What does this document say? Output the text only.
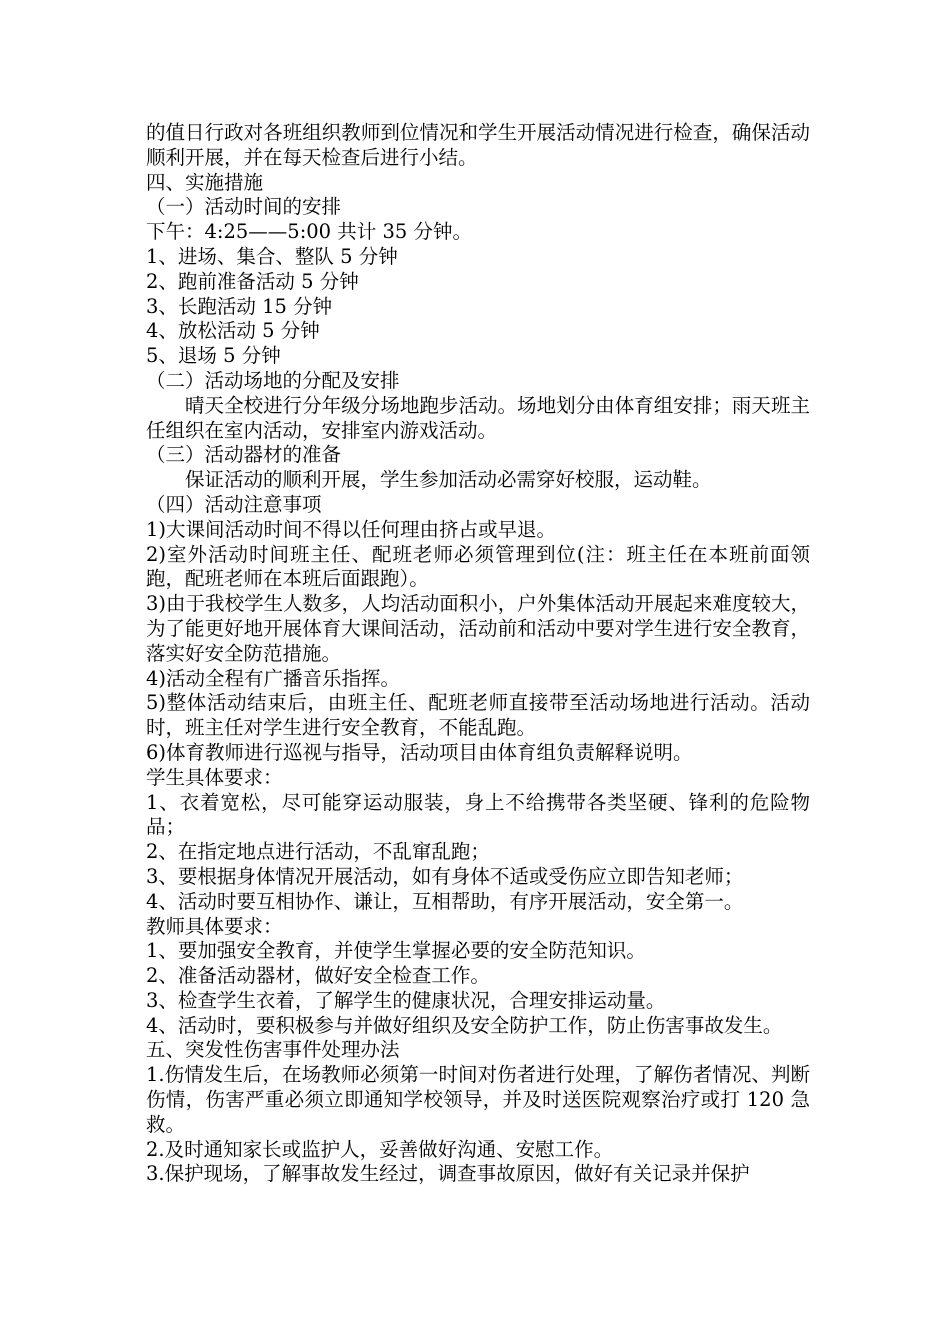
的值日行政对各班组织教师到位情况和学生开展活动情况进行检查，确保活动顺利开展，并在每天检查后进行小结。

四、实施措施

（一）活动时间的安排

下午：4:25——5:00 共计 35 分钟。

1、进场、集合、整队 5 分钟

2、跑前准备活动 5 分钟

3、长跑活动 15 分钟

4、放松活动 5 分钟

5、退场 5 分钟

（二）活动场地的分配及安排

晴天全校进行分年级分场地跑步活动。场地划分由体育组安排；雨天班主任组织在室内活动，安排室内游戏活动。

（三）活动器材的准备

保证活动的顺利开展，学生参加活动必需穿好校服，运动鞋。

（四）活动注意事项

1)大课间活动时间不得以任何理由挤占或早退。

2)室外活动时间班主任、配班老师必须管理到位(注：班主任在本班前面领跑，配班老师在本班后面跟跑）。

3)由于我校学生人数多，人均活动面积小，户外集体活动开展起来难度较大，为了能更好地开展体育大课间活动，活动前和活动中要对学生进行安全教育，落实好安全防范措施。

4)活动全程有广播音乐指挥。

5)整体活动结束后，由班主任、配班老师直接带至活动场地进行活动。活动时，班主任对学生进行安全教育，不能乱跑。

6)体育教师进行巡视与指导，活动项目由体育组负责解释说明。

学生具体要求：

1、衣着宽松，尽可能穿运动服装，身上不给携带各类坚硬、锋利的危险物品；

2、在指定地点进行活动，不乱窜乱跑；

3、要根据身体情况开展活动，如有身体不适或受伤应立即告知老师；

4、活动时要互相协作、谦让，互相帮助，有序开展活动，安全第一。

教师具体要求：

1、要加强安全教育，并使学生掌握必要的安全防范知识。

2、准备活动器材，做好安全检查工作。

3、检查学生衣着，了解学生的健康状况，合理安排运动量。

4、活动时，要积极参与并做好组织及安全防护工作，防止伤害事故发生。

五、突发性伤害事件处理办法

1.伤情发生后，在场教师必须第一时间对伤者进行处理，了解伤者情况、判断伤情，伤害严重必须立即通知学校领导，并及时送医院观察治疗或打 120 急救。

2.及时通知家长或监护人，妥善做好沟通、安慰工作。

3.保护现场，了解事故发生经过，调查事故原因，做好有关记录并保护
